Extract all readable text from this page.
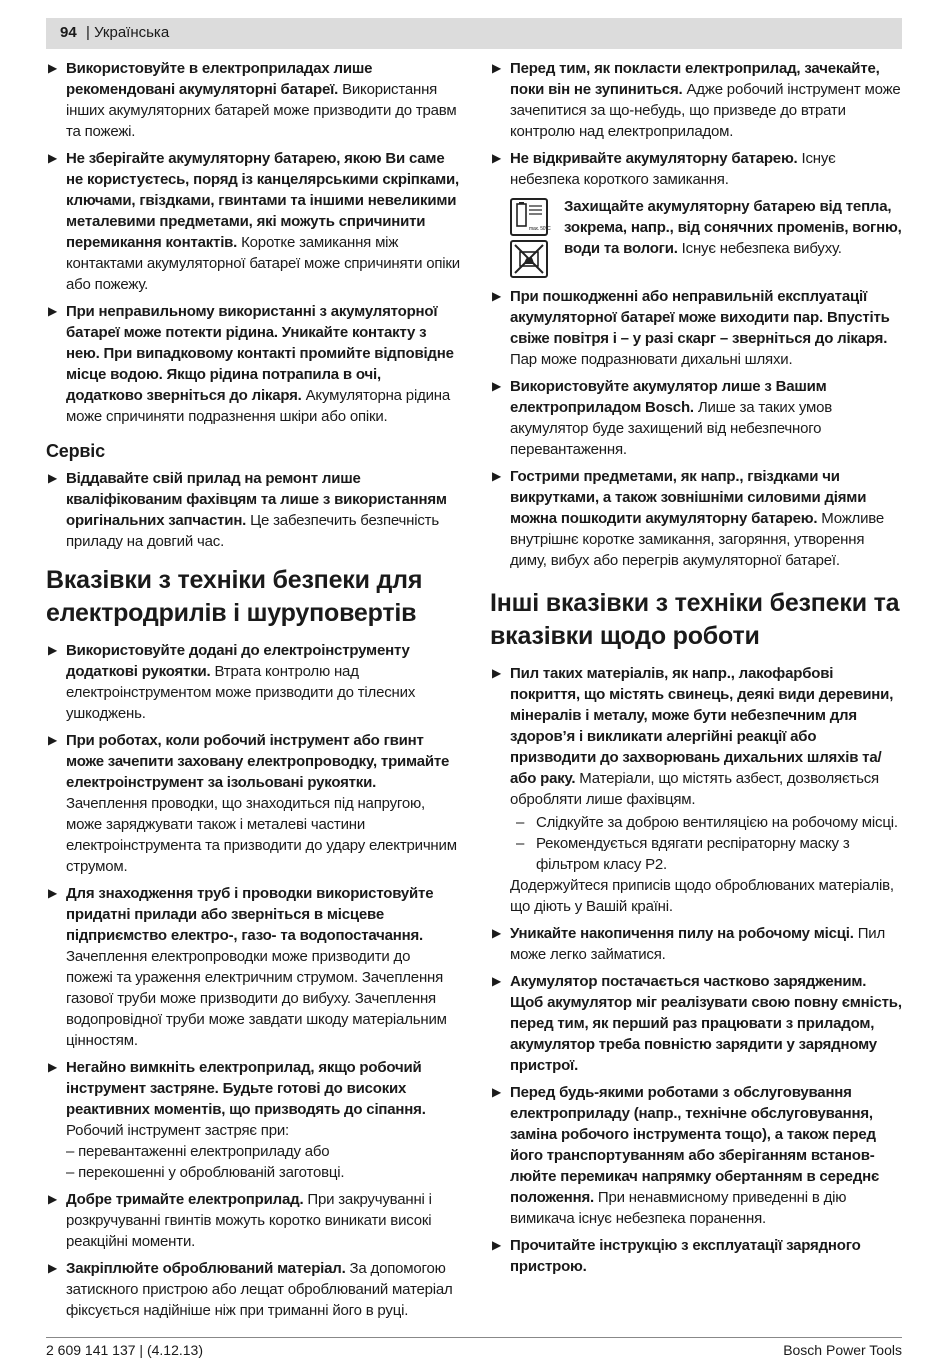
94 | Українська
▶ Використовуйте в електроприладах лише рекомендовані акумуляторні батареї. Використання інших акумуляторних батарей може призводити до травм та пожежі.
▶ Не зберігайте акумуляторну батарею, якою Ви саме не користуєтесь, поряд із канцелярськими скріпками, ключами, гвіздками, гвинтами та іншими невеликими металевими предметами, які можуть спричинити перемикання контактів. Коротке замикання між контактами акумуляторної батареї може спричиняти опіки або пожежу.
▶ При неправильному використанні з акумуляторної батареї може потекти рідина. Уникайте контакту з нею. При випадковому контакті промийте відповідне місце водою. Якщо рідина потрапила в очі, додатково зверніться до лікаря. Акумуляторна рідина може спричиняти подразнення шкіри або опіки.
Сервіс
▶ Віддавайте свій прилад на ремонт лише кваліфікованим фахівцям та лише з використанням оригінальних запчастин. Це забезпечить безпечність приладу на довгий час.
Вказівки з техніки безпеки для електродрилів і шуруповертів
▶ Використовуйте додані до електроінструменту додаткові рукоятки. Втрата контролю над електроінструментом може призводити до тілесних ушкоджень.
▶ При роботах, коли робочий інструмент або гвинт може зачепити заховану електропроводку, тримайте електроінструмент за ізольовані рукоятки. Зачеплення проводки, що знаходиться під напругою, може заряджувати також і металеві частини електроінструмента та призводити до удару електричним струмом.
▶ Для знаходження труб і проводки використовуйте придатні прилади або зверніться в місцеве підприємство електро-, газо- та водопостачання. Зачеплення електропроводки може призводити до пожежі та ураження електричним струмом. Зачеплення газової труби може призводити до вибуху. Зачеплення водопровідної труби може завдати шкоду матеріальним цінностям.
▶ Негайно вимкніть електроприлад, якщо робочий інструмент застряне. Будьте готові до високих реактивних моментів, що призводять до сіпання. Робочий інструмент застряє при:
– перевантаженні електроприладу або
– перекошенні у оброблюваній заготовці.
▶ Добре тримайте електроприлад. При закручуванні і розкручуванні гвинтів можуть коротко виникати високі реакційні моменти.
▶ Закріплюйте оброблюваний матеріал. За допомогою затискного пристрою або лещат оброблюваний матеріал фіксується надійніше ніж при триманні його в руці.
▶ Перед тим, як покласти електроприлад, зачекайте, поки він не зупиниться. Адже робочий інструмент може зачепитися за що-небудь, що призведе до втрати контролю над електроприладом.
▶ Не відкривайте акумуляторну батарею. Існує небезпека короткого замикання.
max. 50°C
Захищайте акумуляторну батарею від тепла, зокрема, напр., від сонячних променів, вогню, води та вологи. Існує небезпека вибуху.
▶ При пошкодженні або неправильній експлуатації акумуляторної батареї може виходити пар. Впустіть свіже повітря і – у разі скарг – зверніться до лікаря. Пар може подразнювати дихальні шляхи.
▶ Використовуйте акумулятор лише з Вашим електроприладом Bosch. Лише за таких умов акумулятор буде захищений від небезпечного перевантаження.
▶ Гострими предметами, як напр., гвіздками чи викрутками, а також зовнішніми силовими діями можна пошкодити акумуляторну батарею. Можливе внутрішнє коротке замикання, загоряння, утворення диму, вибух або перегрів акумуляторної батареї.
Інші вказівки з техніки безпеки та вказівки щодо роботи
▶ Пил таких матеріалів, як напр., лакофарбові покриття, що містять свинець, деякі види деревини, мінералів і металу, може бути небезпечним для здоров’я і викликати алергійні реакції або призводити до захворювань дихальних шляхів та/або раку. Матеріали, що містять азбест, дозволяється обробляти лише фахівцям.
– Слідкуйте за доброю вентиляцією на робочому місці.
– Рекомендується вдягати респіраторну маску з фільтром класу P2.
Додержуйтеся приписів щодо оброблюваних матеріалів, що діють у Вашій країні.
▶ Уникайте накопичення пилу на робочому місці. Пил може легко займатися.
▶ Акумулятор постачається частково зарядженим. Щоб акумулятор міг реалізувати свою повну ємність, перед тим, як перший раз працювати з приладом, акумулятор треба повністю зарядити у зарядному пристрої.
▶ Перед будь-якими роботами з обслуговування електроприладу (напр., технічне обслуговування, заміна робочого інструмента тощо), а також перед його транспортуванням або зберіганням встановлюйте перемикач напрямку обертанням в середнє положення. При ненавмисному приведенні в дію вимикача існує небезпека поранення.
▶ Прочитайте інструкцію з експлуатації зарядного пристрою.
2 609 141 137 | (4.12.13)	Bosch Power Tools
